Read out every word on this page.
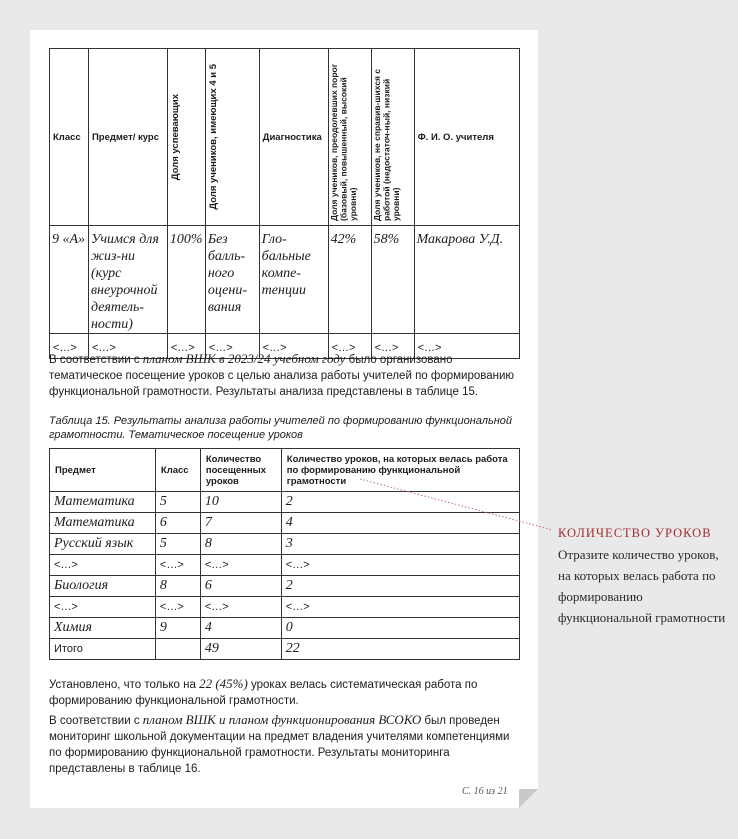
Класс	Предмет/ курс	Доля успевающих	Доля учеников, имеющих 4 и 5	Диагностика	Доля учеников, преодолевших порог (базовый, повышенный, высокий уровни)	Доля учеников, не справив-шихся с работой (недостаточ-ный, низкий уровни)	Ф. И. О. учителя
9 «А»	Учимся для жиз-ни (курс внеурочной деятель-ности)	100%	Без балль-ного оцени-вания	Гло-бальные компе-тенции	42%	58%	Макарова У.Д.
<…>	<…>	<…>	<…>	<…>	<…>	<…>	<…>
В соответствии с планом ВШК в 2023/24 учебном году было организовано тематическое посещение уроков с целью анализа работы учителей по формированию функциональной грамотности. Результаты анализа представлены в таблице 15.
Таблица 15. Результаты анализа работы учителей по формированию функциональной грамотности. Тематическое посещение уроков
Предмет	Класс	Количество посещенных уроков	Количество уроков, на которых велась работа по формированию функциональной грамотности
Математика	5	10	2
Математика	6	7	4
Русский язык	5	8	3
<…>	<…>	<…>	<…>
Биология	8	6	2
<…>	<…>	<…>	<…>
Химия	9	4	0
Итого		49	22
Установлено, что только на 22 (45%) уроках велась систематическая работа по формированию функциональной грамотности.
В соответствии с планом ВШК и планом функционирования ВСОКО был проведен мониторинг школьной документации на предмет владения учителями компетенциями по формированию функциональной грамотности. Результаты мониторинга представлены в таблице 16.
КОЛИЧЕСТВО УРОКОВ
Отразите количество уроков, на которых велась работа по формированию функциональной грамотности
С. 16 из 21
